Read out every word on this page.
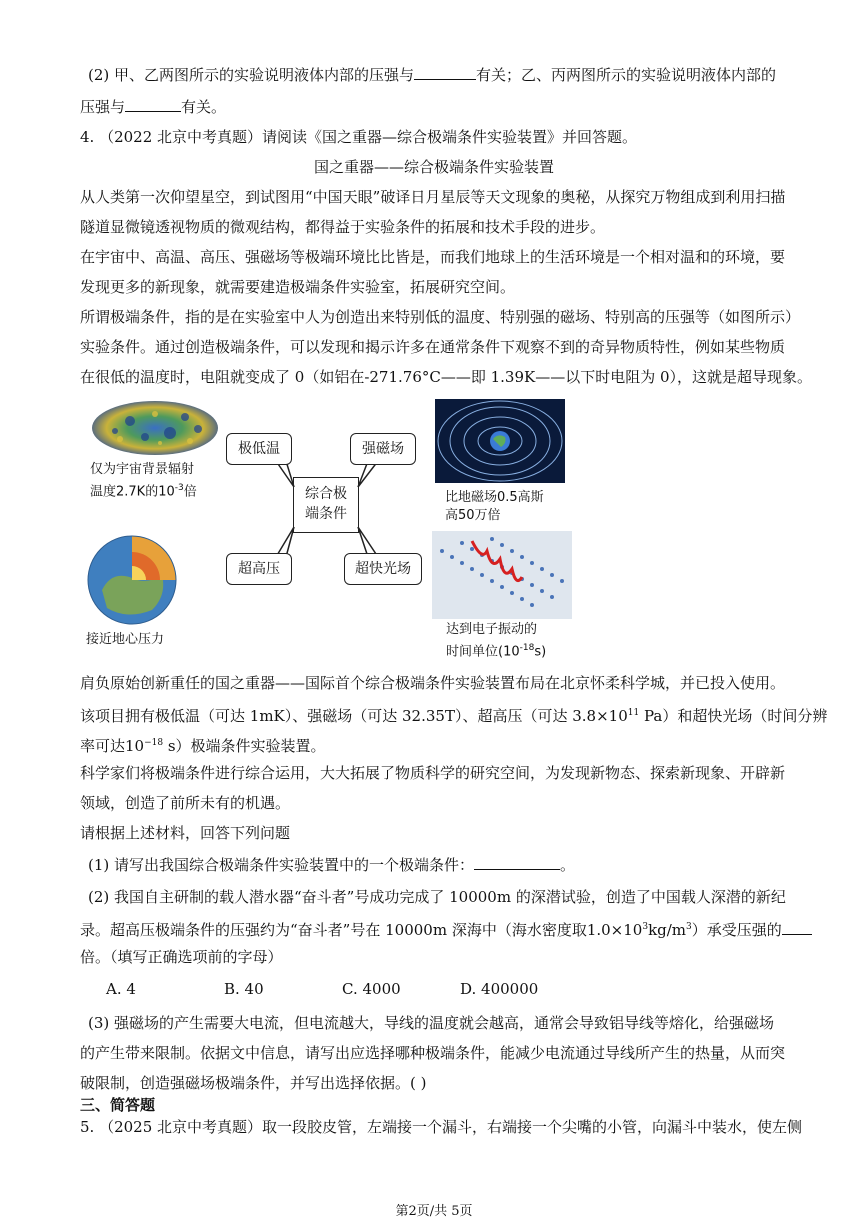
(2) 甲、乙两图所示的实验说明液体内部的压强与	有关；乙、丙两图所示的实验说明液体内部的
压强与	有关。
4. （2022 北京中考真题）请阅读《国之重器—综合极端条件实验装置》并回答题。
国之重器——综合极端条件实验装置
从人类第一次仰望星空，到试图用“中国天眼”破译日月星辰等天文现象的奥秘，从探究万物组成到利用扫描
隧道显微镜透视物质的微观结构，都得益于实验条件的拓展和技术手段的进步。
在宇宙中、高温、高压、强磁场等极端环境比比皆是，而我们地球上的生活环境是一个相对温和的环境，要
发现更多的新现象，就需要建造极端条件实验室，拓展研究空间。
所谓极端条件，指的是在实验室中人为创造出来特别低的温度、特别强的磁场、特别高的压强等（如图所示）
实验条件。通过创造极端条件，可以发现和揭示许多在通常条件下观察不到的奇异物质特性，例如某些物质
在很低的温度时，电阻就变成了 0（如铝在-271.76°C——即 1.39K——以下时电阻为 0），这就是超导现象。
仅为宇宙背景辐射
温度2.7K的$10^{-3}$倍
接近地心压力
综合极
端条件
极低温	强磁场
超高压	超快光场
比地磁场0.5高斯
高50万倍
达到电子振动的
时间单位$(10^{-18}s)$
肩负原始创新重任的国之重器——国际首个综合极端条件实验装置布局在北京怀柔科学城，并已投入使用。
该项目拥有极低温（可达 1mK）、强磁场（可达 32.35T）、超高压（可达 $3.8\times 10^{11}$ Pa）和超快光场（时间分辨
率可达$10^{-18}$ s）极端条件实验装置。
科学家们将极端条件进行综合运用，大大拓展了物质科学的研究空间，为发现新物态、探索新现象、开辟新
领域，创造了前所未有的机遇。
请根据上述材料，回答下列问题
(1) 请写出我国综合极端条件实验装置中的一个极端条件：	。
(2) 我国自主研制的载人潜水器“奋斗者”号成功完成了 10000m 的深潜试验，创造了中国载人深潜的新纪
录。超高压极端条件的压强约为“奋斗者”号在 10000m 深海中（海水密度取$1.0\times 10^3kg/m^3$）承受压强的
倍。（填写正确选项前的字母）
A. 4	B. 40	C. 4000	D. 400000
(3) 强磁场的产生需要大电流，但电流越大，导线的温度就会越高，通常会导致铝导线等熔化，给强磁场
的产生带来限制。依据文中信息，请写出应选择哪种极端条件，能减少电流通过导线所产生的热量，从而突
破限制，创造强磁场极端条件，并写出选择依据。( )
三、简答题
5. （2025 北京中考真题）取一段胶皮管，左端接一个漏斗，右端接一个尖嘴的小管，向漏斗中装水，使左侧
第2页/共 5页
